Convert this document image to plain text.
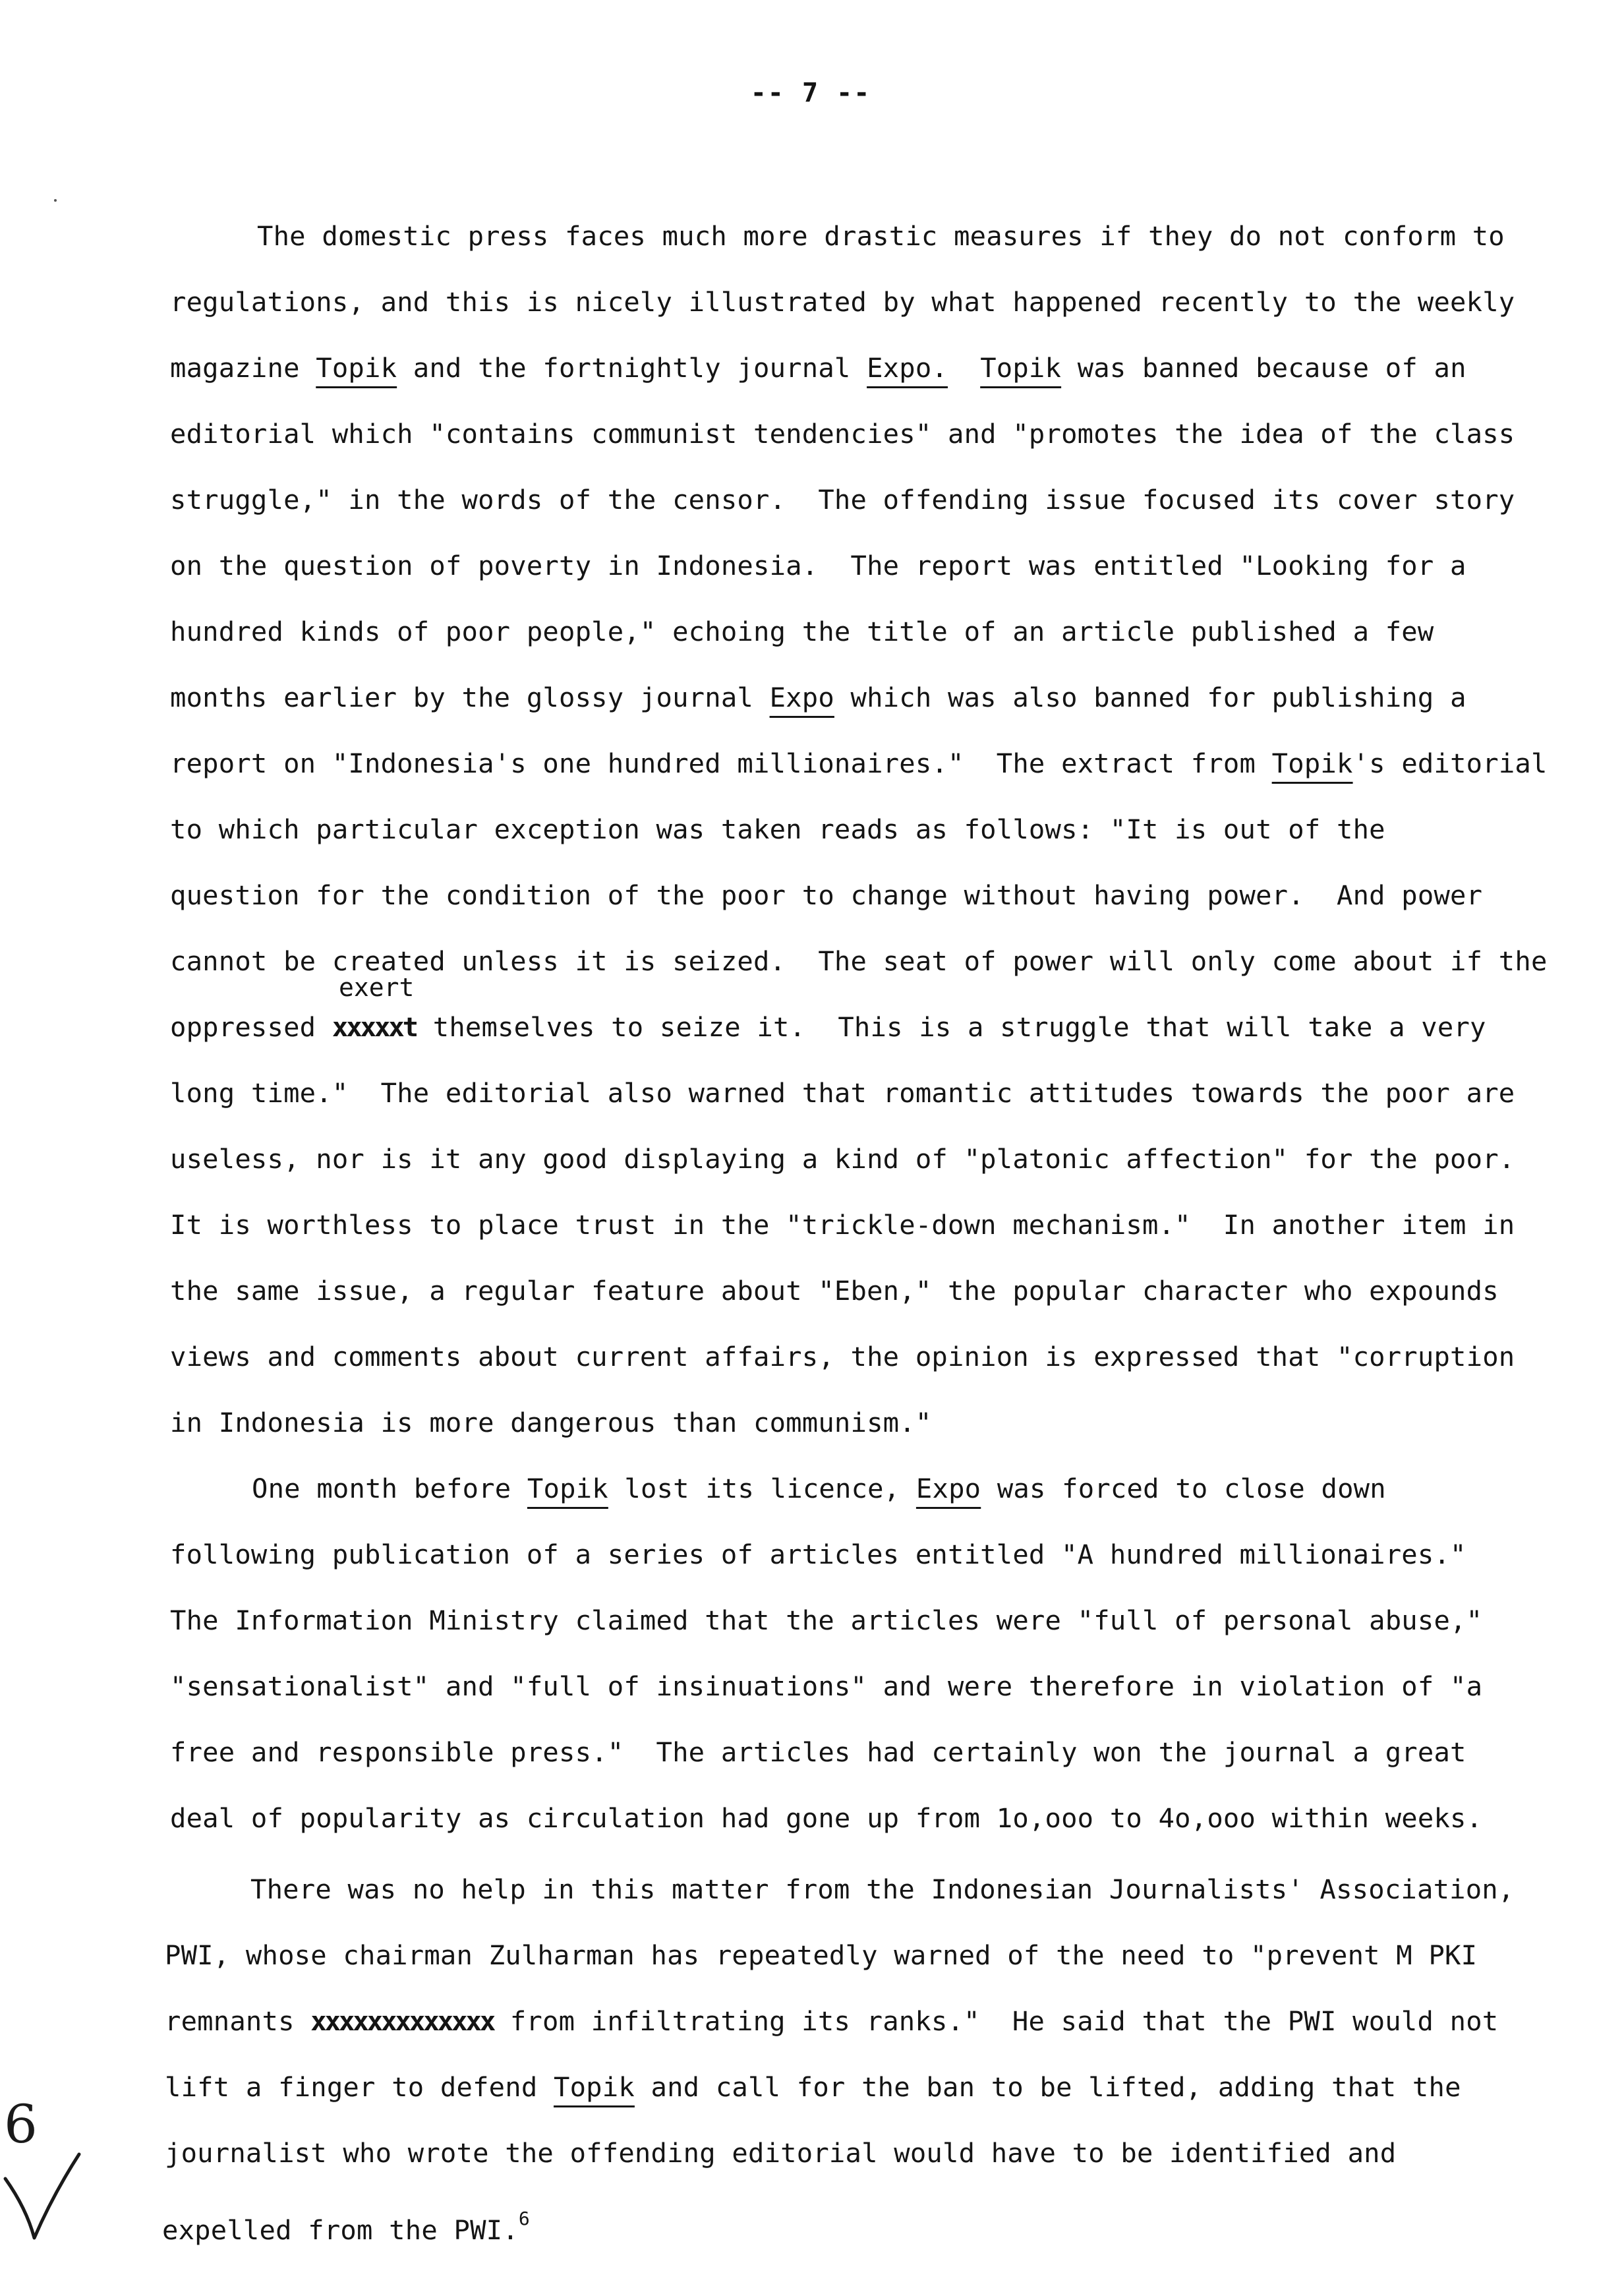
-- 7 --
The domestic press faces much more drastic measures if they do not conform to
regulations, and this is nicely illustrated by what happened recently to the weekly
magazine Topik and the fortnightly journal Expo. Topik was banned because of an
editorial which "contains communist tendencies" and "promotes the idea of the class
struggle," in the words of the censor.  The offending issue focused its cover story
on the question of poverty in Indonesia.  The report was entitled "Looking for a
hundred kinds of poor people," echoing the title of an article published a few
months earlier by the glossy journal Expo which was also banned for publishing a
report on "Indonesia's one hundred millionaires."  The extract from Topik's editorial
to which particular exception was taken reads as follows: "It is out of the
question for the condition of the poor to change without having power.  And power
cannot be created unless it is seized.  The seat of power will only come about if the
exert
oppressed xxxxxt themselves to seize it.  This is a struggle that will take a very
long time."  The editorial also warned that romantic attitudes towards the poor are
useless, nor is it any good displaying a kind of "platonic affection" for the poor.
It is worthless to place trust in the "trickle-down mechanism."  In another item in
the same issue, a regular feature about "Eben," the popular character who expounds
views and comments about current affairs, the opinion is expressed that "corruption
in Indonesia is more dangerous than communism."
One month before Topik lost its licence, Expo was forced to close down
following publication of a series of articles entitled "A hundred millionaires."
The Information Ministry claimed that the articles were "full of personal abuse,"
"sensationalist" and "full of insinuations" and were therefore in violation of "a
free and responsible press."  The articles had certainly won the journal a great
deal of popularity as circulation had gone up from 1o,ooo to 4o,ooo within weeks.
There was no help in this matter from the Indonesian Journalists' Association,
PWI, whose chairman Zulharman has repeatedly warned of the need to "prevent M PKI
remnants xxxxxxxxxxxxx from infiltrating its ranks."  He said that the PWI would not
lift a finger to defend Topik and call for the ban to be lifted, adding that the
journalist who wrote the offending editorial would have to be identified and
expelled from the PWI.$^6$
6
